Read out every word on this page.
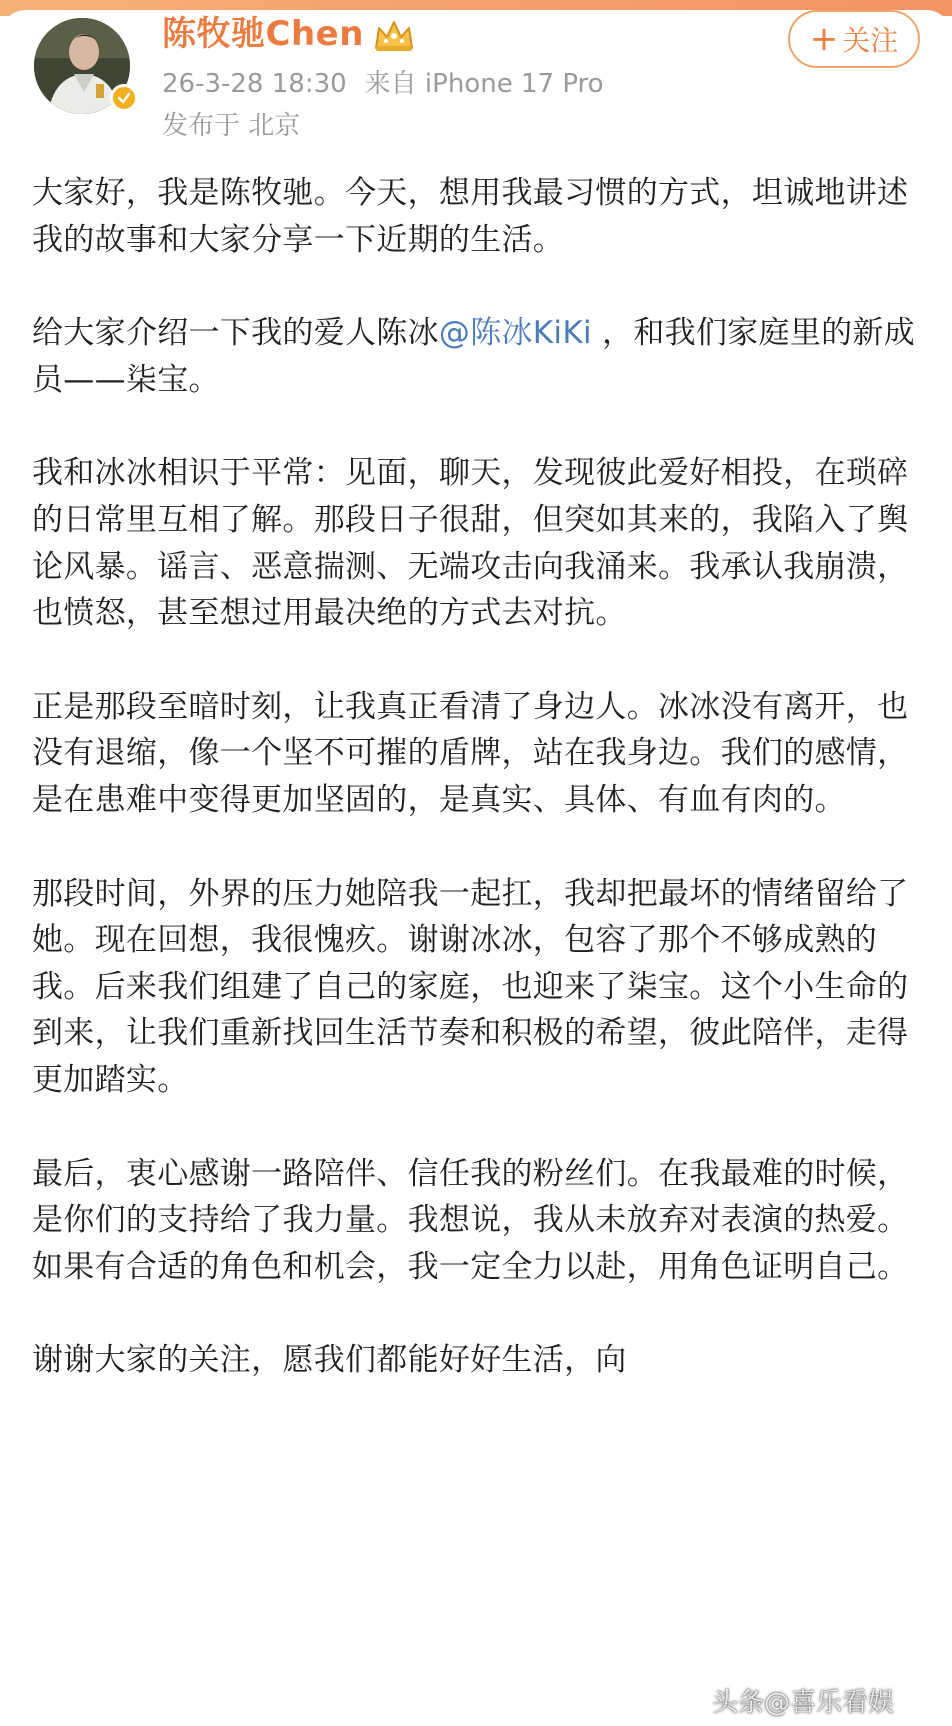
陈牧驰Chen
26-3-28 18:30 来自 iPhone 17 Pro
发布于 北京
+ 关注

大家好，我是陈牧驰。今天，想用我最习惯的方式，坦诚地讲述我的故事和大家分享一下近期的生活。

给大家介绍一下我的爱人陈冰@陈冰KiKi ，和我们家庭里的新成员——柒宝。

我和冰冰相识于平常：见面，聊天，发现彼此爱好相投，在琐碎的日常里互相了解。那段日子很甜，但突如其来的，我陷入了舆论风暴。谣言、恶意揣测、无端攻击向我涌来。我承认我崩溃，也愤怒，甚至想过用最决绝的方式去对抗。

正是那段至暗时刻，让我真正看清了身边人。冰冰没有离开，也没有退缩，像一个坚不可摧的盾牌，站在我身边。我们的感情，是在患难中变得更加坚固的，是真实、具体、有血有肉的。

那段时间，外界的压力她陪我一起扛，我却把最坏的情绪留给了她。现在回想，我很愧疚。谢谢冰冰，包容了那个不够成熟的我。后来我们组建了自己的家庭，也迎来了柒宝。这个小生命的到来，让我们重新找回生活节奏和积极的希望，彼此陪伴，走得更加踏实。

最后，衷心感谢一路陪伴、信任我的粉丝们。在我最难的时候，是你们的支持给了我力量。我想说，我从未放弃对表演的热爱。如果有合适的角色和机会，我一定全力以赴，用角色证明自己。

谢谢大家的关注，愿我们都能好好生活，向

头条@喜乐看娱
